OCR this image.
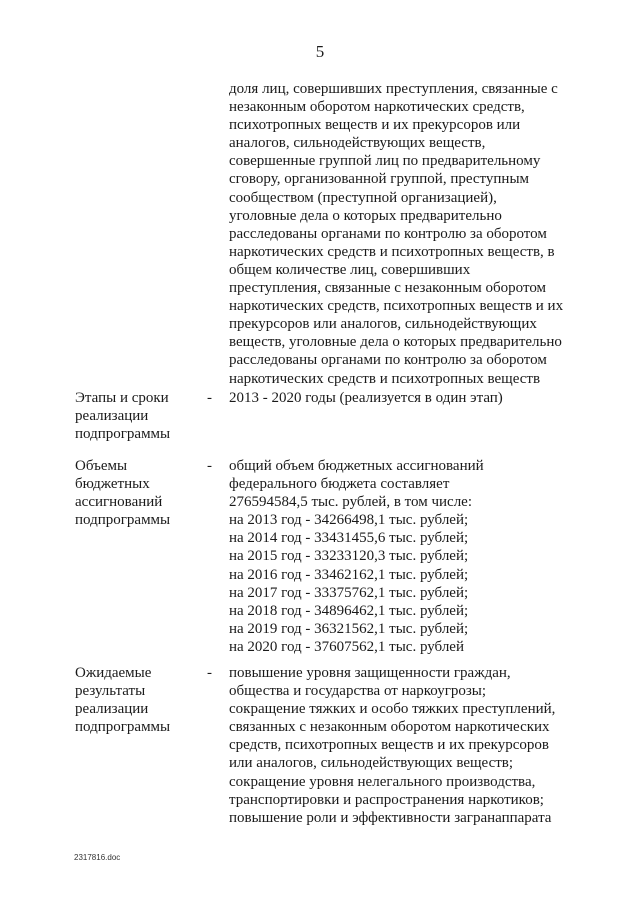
5
доля лиц, совершивших преступления, связанные с
незаконным оборотом наркотических средств,
психотропных веществ и их прекурсоров или
аналогов, сильнодействующих веществ,
совершенные группой лиц по предварительному
сговору, организованной группой, преступным
сообществом (преступной организацией),
уголовные дела о которых предварительно
расследованы органами по контролю за оборотом
наркотических средств и психотропных веществ, в
общем количестве лиц, совершивших
преступления, связанные с незаконным оборотом
наркотических средств, психотропных веществ и их
прекурсоров или аналогов, сильнодействующих
веществ, уголовные дела о которых предварительно
расследованы органами по контролю за оборотом
наркотических средств и психотропных веществ
Этапы и сроки
реализации
подпрограммы
- 2013 - 2020 годы (реализуется в один этап)
Объемы
бюджетных
ассигнований
подпрограммы
- общий объем бюджетных ассигнований
федерального бюджета составляет
276594584,5 тыс. рублей, в том числе:
на 2013 год - 34266498,1 тыс. рублей;
на 2014 год - 33431455,6 тыс. рублей;
на 2015 год - 33233120,3 тыс. рублей;
на 2016 год - 33462162,1 тыс. рублей;
на 2017 год - 33375762,1 тыс. рублей;
на 2018 год - 34896462,1 тыс. рублей;
на 2019 год - 36321562,1 тыс. рублей;
на 2020 год - 37607562,1 тыс. рублей
Ожидаемые
результаты
реализации
подпрограммы
- повышение уровня защищенности граждан,
общества и государства от наркоугрозы;
сокращение тяжких и особо тяжких преступлений,
связанных с незаконным оборотом наркотических
средств, психотропных веществ и их прекурсоров
или аналогов, сильнодействующих веществ;
сокращение уровня нелегального производства,
транспортировки и распространения наркотиков;
повышение роли и эффективности загранаппарата
2317816.doc
